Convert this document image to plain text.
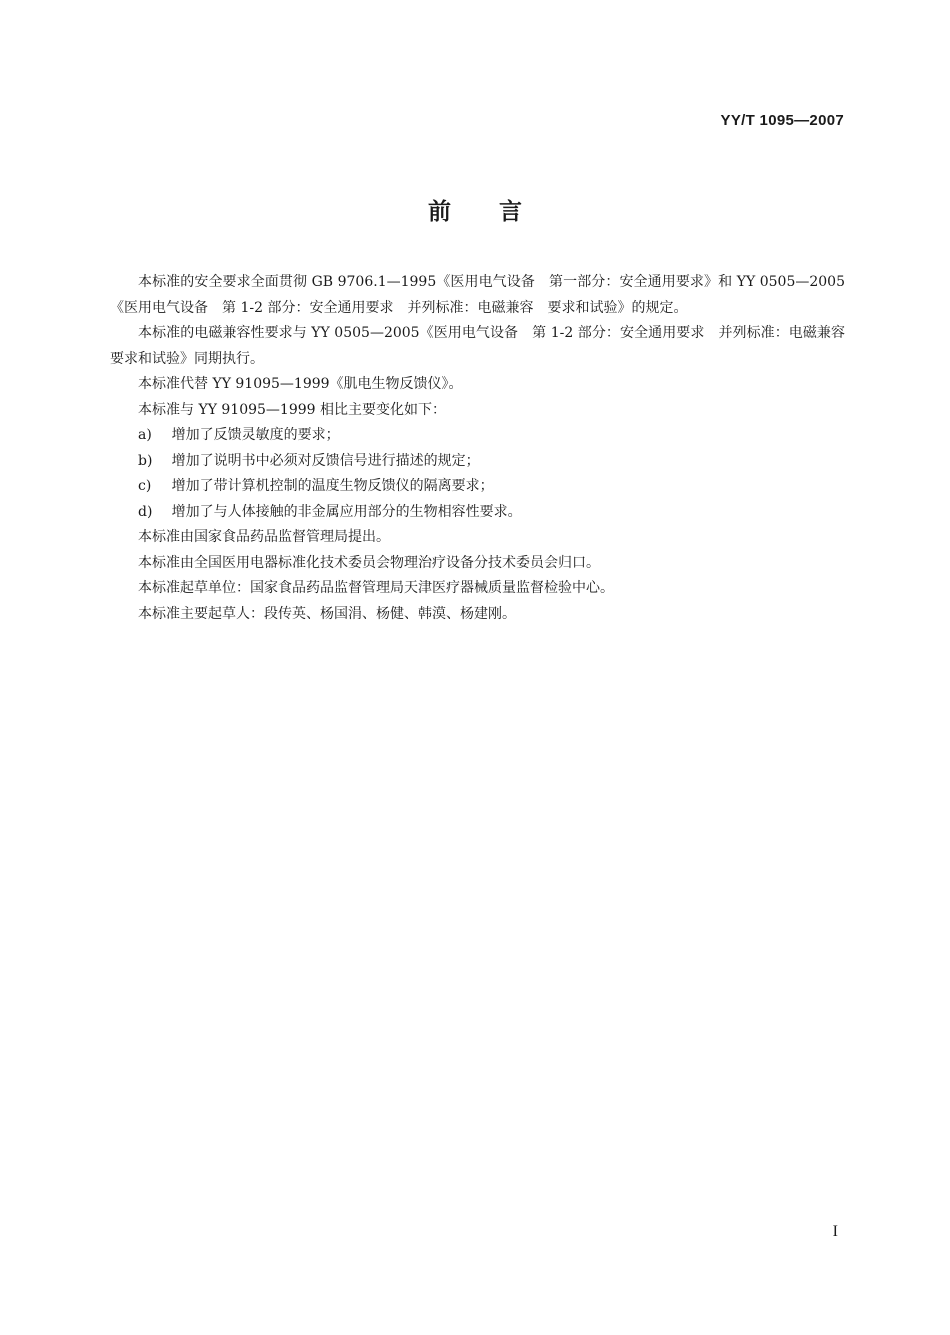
YY/T 1095—2007

前言

本标准的安全要求全面贯彻 GB 9706.1—1995《医用电气设备　第一部分：安全通用要求》和 YY 0505—2005《医用电气设备　第 1-2 部分：安全通用要求　并列标准：电磁兼容　要求和试验》的规定。

本标准的电磁兼容性要求与 YY 0505—2005《医用电气设备　第 1-2 部分：安全通用要求　并列标准：电磁兼容　要求和试验》同期执行。

本标准代替 YY 91095—1999《肌电生物反馈仪》。

本标准与 YY 91095—1999 相比主要变化如下：

a) 增加了反馈灵敏度的要求；
b) 增加了说明书中必须对反馈信号进行描述的规定；
c) 增加了带计算机控制的温度生物反馈仪的隔离要求；
d) 增加了与人体接触的非金属应用部分的生物相容性要求。

本标准由国家食品药品监督管理局提出。

本标准由全国医用电器标准化技术委员会物理治疗设备分技术委员会归口。

本标准起草单位：国家食品药品监督管理局天津医疗器械质量监督检验中心。

本标准主要起草人：段传英、杨国涓、杨健、韩漠、杨建刚。

I
